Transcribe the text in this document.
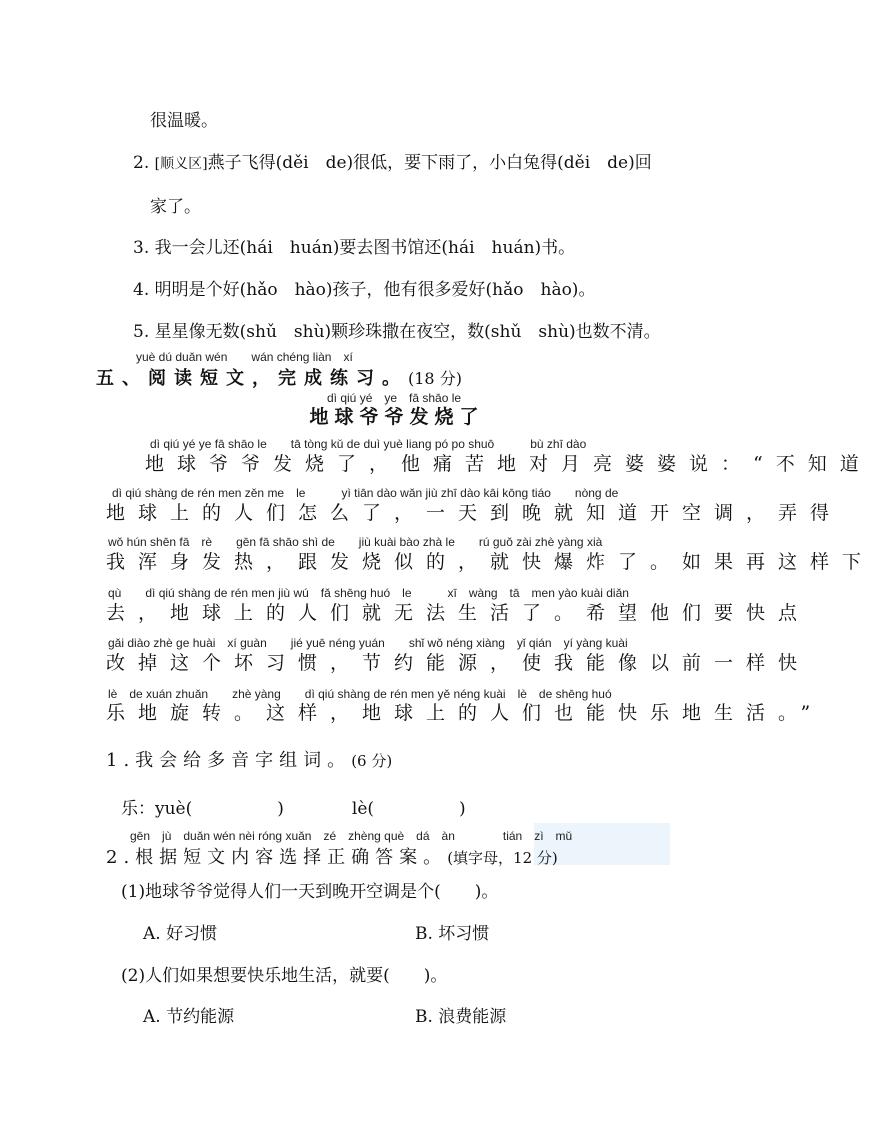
很温暖。
2. [顺义区]燕子飞得(děi　de)很低，要下雨了，小白兔得(děi　de)回
家了。
3. 我一会儿还(hái　huán)要去图书馆还(hái　huán)书。
4. 明明是个好(hǎo　hào)孩子，他有很多爱好(hǎo　hào)。
5. 星星像无数(shǔ　shù)颗珍珠撒在夜空，数(shǔ　shù)也数不清。
yuè dú duǎn wén　　wán chéng liàn　xí
五、阅读短文，完成练习。(18 分)
dì qiú yé　ye　fā shāo le
地球爷爷发烧了
dì qiú yé ye fā shāo le　　tā tòng kǔ de duì yuè liang pó po shuō　　　bù zhī dào
地球爷爷发烧了，他痛苦地对月亮婆婆说：“不知道
dì qiú shàng de rén men zěn me　le　　　yì tiān dào wǎn jiù zhī dào kāi kōng tiáo　　nòng de
地球上的人们怎么了，一天到晚就知道开空调，弄得
wǒ hún shēn fā　rè　　gēn fā shāo shì de　　jiù kuài bào zhà le　　rú guǒ zài zhè yàng xià
我浑身发热，跟发烧似的，就快爆炸了。如果再这样下
qù　　dì qiú shàng de rén men jiù wú　fǎ shēng huó　le　　　xī　wàng　tā　men yào kuài diǎn
去，地球上的人们就无法生活了。希望他们要快点
gǎi diào zhè ge huài　xí guàn　　jié yuē néng yuán　　shǐ wǒ néng xiàng　yǐ qián　yí yàng kuài
改掉这个坏习惯，节约能源，使我能像以前一样快
lè　de xuán zhuǎn　　zhè yàng　　dì qiú shàng de rén men yě néng kuài　lè　de shēng huó
乐地旋转。这样，地球上的人们也能快乐地生活。”
1.我会给多音字组词。(6 分)
乐：yuè(　　　　　)　　　　lè(　　　　　)
gēn　jù　duǎn wén nèi róng xuǎn　zé　zhèng què　dá　àn　　　　tián　zì　mǔ
2.根据短文内容选择正确答案。(填字母，12 分)
(1)地球爷爷觉得人们一天到晚开空调是个(　　)。
A. 好习惯	B. 坏习惯
(2)人们如果想要快乐地生活，就要(　　)。
A. 节约能源	B. 浪费能源
